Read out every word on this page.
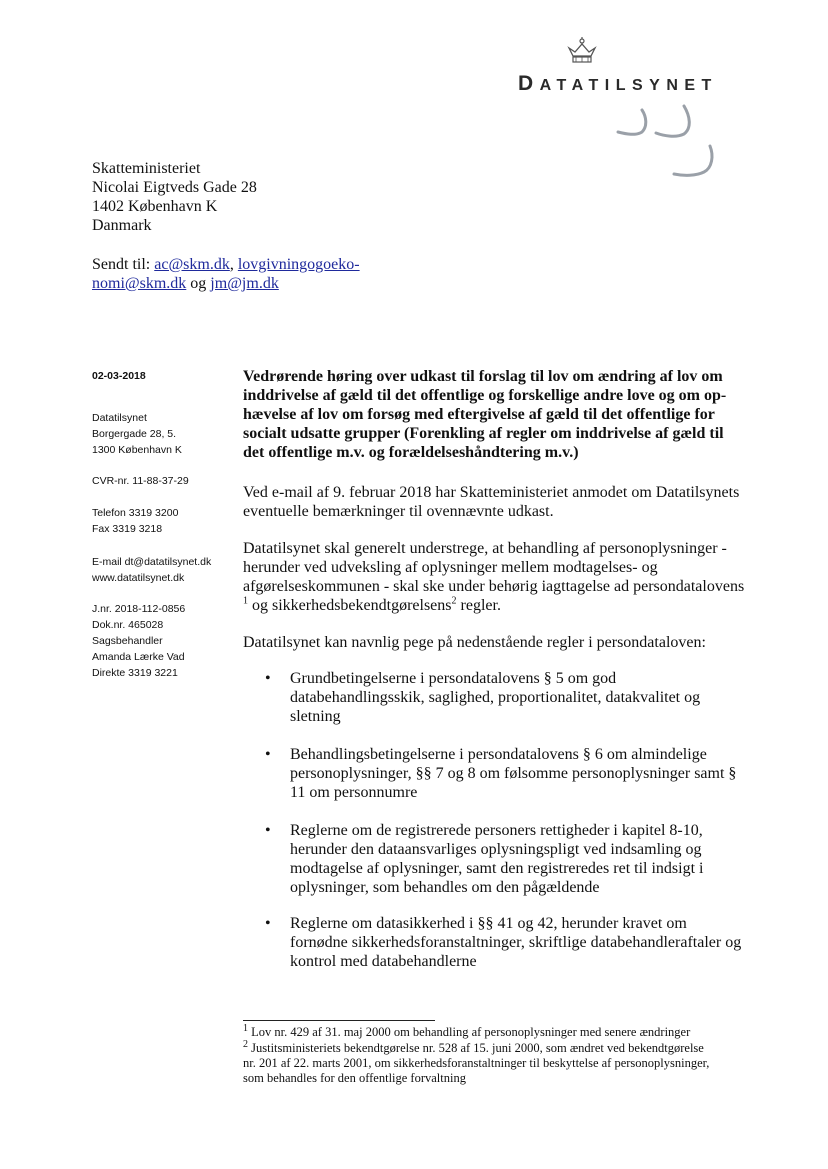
DATATILSYNET
Skatteministeriet
Nicolai Eigtveds Gade 28
1402 København K
Danmark
Sendt til: ac@skm.dk, lovgivningogoeko-
nomi@skm.dk og jm@jm.dk
02-03-2018
Datatilsynet
Borgergade 28, 5.
1300 København K
CVR-nr. 11-88-37-29
Telefon 3319 3200
Fax 3319 3218
E-mail dt@datatilsynet.dk
www.datatilsynet.dk
J.nr. 2018-112-0856
Dok.nr. 465028
Sagsbehandler
Amanda Lærke Vad
Direkte 3319 3221
Vedrørende høring over udkast til forslag til lov om ændring af lov om
inddrivelse af gæld til det offentlige og forskellige andre love og om op-
hævelse af lov om forsøg med eftergivelse af gæld til det offentlige for
socialt udsatte grupper (Forenkling af regler om inddrivelse af gæld til
det offentlige m.v. og forældelseshåndtering m.v.)
Ved e-mail af 9. februar 2018 har Skatteministeriet anmodet om Datatilsynets
eventuelle bemærkninger til ovennævnte udkast.
Datatilsynet skal generelt understrege, at behandling af personoplysninger -
herunder ved udveksling af oplysninger mellem modtagelses- og
afgørelseskommunen - skal ske under behørig iagttagelse ad persondatalovens
$^1$ og sikkerhedsbekendtgørelsens$^2$ regler.
Datatilsynet kan navnlig pege på nedenstående regler i persondataloven:
• Grundbetingelserne i persondatalovens § 5 om god
databehandlingsskik, saglighed, proportionalitet, datakvalitet og
sletning
• Behandlingsbetingelserne i persondatalovens § 6 om almindelige
personoplysninger, §§ 7 og 8 om følsomme personoplysninger samt §
11 om personnumre
• Reglerne om de registrerede personers rettigheder i kapitel 8-10,
herunder den dataansvarliges oplysningspligt ved indsamling og
modtagelse af oplysninger, samt den registreredes ret til indsigt i
oplysninger, som behandles om den pågældende
• Reglerne om datasikkerhed i §§ 41 og 42, herunder kravet om
fornødne sikkerhedsforanstaltninger, skriftlige databehandleraftaler og
kontrol med databehandlerne
$^1$ Lov nr. 429 af 31. maj 2000 om behandling af personoplysninger med senere ændringer
$^2$ Justitsministeriets bekendtgørelse nr. 528 af 15. juni 2000, som ændret ved bekendtgørelse
nr. 201 af 22. marts 2001, om sikkerhedsforanstaltninger til beskyttelse af personoplysninger,
som behandles for den offentlige forvaltning
